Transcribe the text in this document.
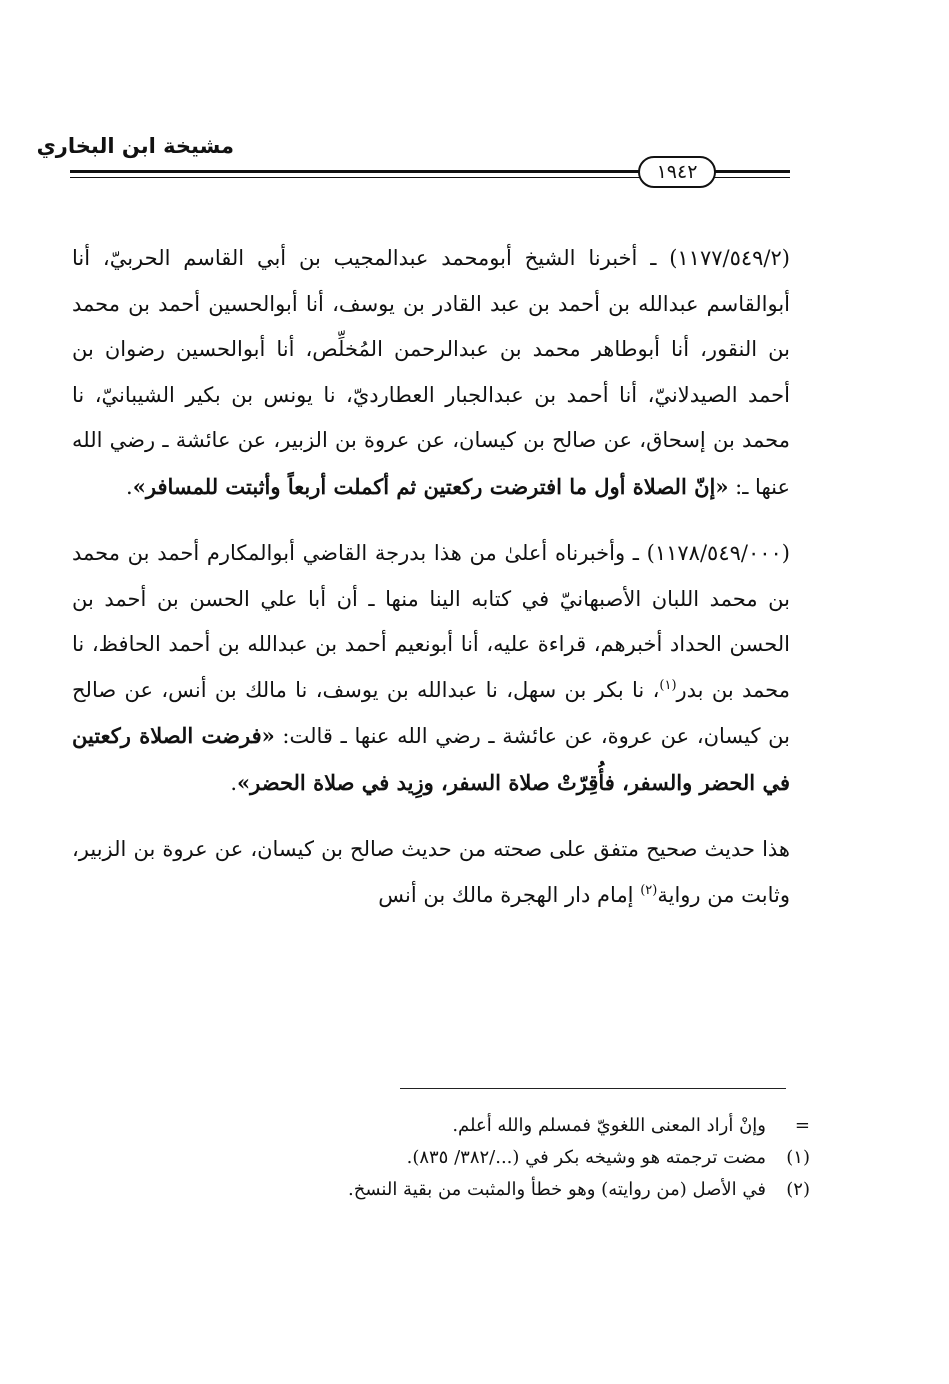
مشيخة ابن البخاري
١٩٤٢

(١١٧٧/٥٤٩/٢) ـ أخبرنا الشيخ أبومحمد عبدالمجيب بن أبي القاسم الحربيّ، أنا أبوالقاسم عبدالله بن أحمد بن عبد القادر بن يوسف، أنا أبوالحسين أحمد بن محمد بن النقور، أنا أبوطاهر محمد بن عبدالرحمن المُخلِّص، أنا أبوالحسين رضوان بن أحمد الصيدلانيّ، أنا أحمد بن عبدالجبار العطارديّ، نا يونس بن بكير الشيبانيّ، نا محمد بن إسحاق، عن صالح بن كيسان، عن عروة بن الزبير، عن عائشة ـ رضي الله عنها ـ: «إنّ الصلاة أول ما افترضت ركعتين ثم أكملت أربعاً وأثبتت للمسافر».

(١١٧٨/٥٤٩/٠٠٠) ـ وأخبرناه أعلىٰ من هذا بدرجة القاضي أبوالمكارم أحمد بن محمد بن محمد اللبان الأصبهانيّ في كتابه الينا منها ـ أن أبا علي الحسن بن أحمد بن الحسن الحداد أخبرهم، قراءة عليه، أنا أبونعيم أحمد بن عبدالله بن أحمد الحافظ، نا محمد بن بدر$^{(١)}$، نا بكر بن سهل، نا عبدالله بن يوسف، نا مالك بن أنس، عن صالح بن كيسان، عن عروة، عن عائشة ـ رضي الله عنها ـ قالت: «فرضت الصلاة ركعتين في الحضر والسفر، فأُقِرّتْ صلاة السفر، وزِيد في صلاة الحضر».

هذا حديث صحيح متفق على صحته من حديث صالح بن كيسان، عن عروة بن الزبير، وثابت من رواية$^{(٢)}$ إمام دار الهجرة مالك بن أنس

=وإنْ أراد المعنى اللغويّ فمسلم والله أعلم.
(١)مضت ترجمته هو وشيخه بكر في (.../٣٨٢/ ٨٣٥).
(٢)في الأصل (من روايته) وهو خطأ والمثبت من بقية النسخ.
